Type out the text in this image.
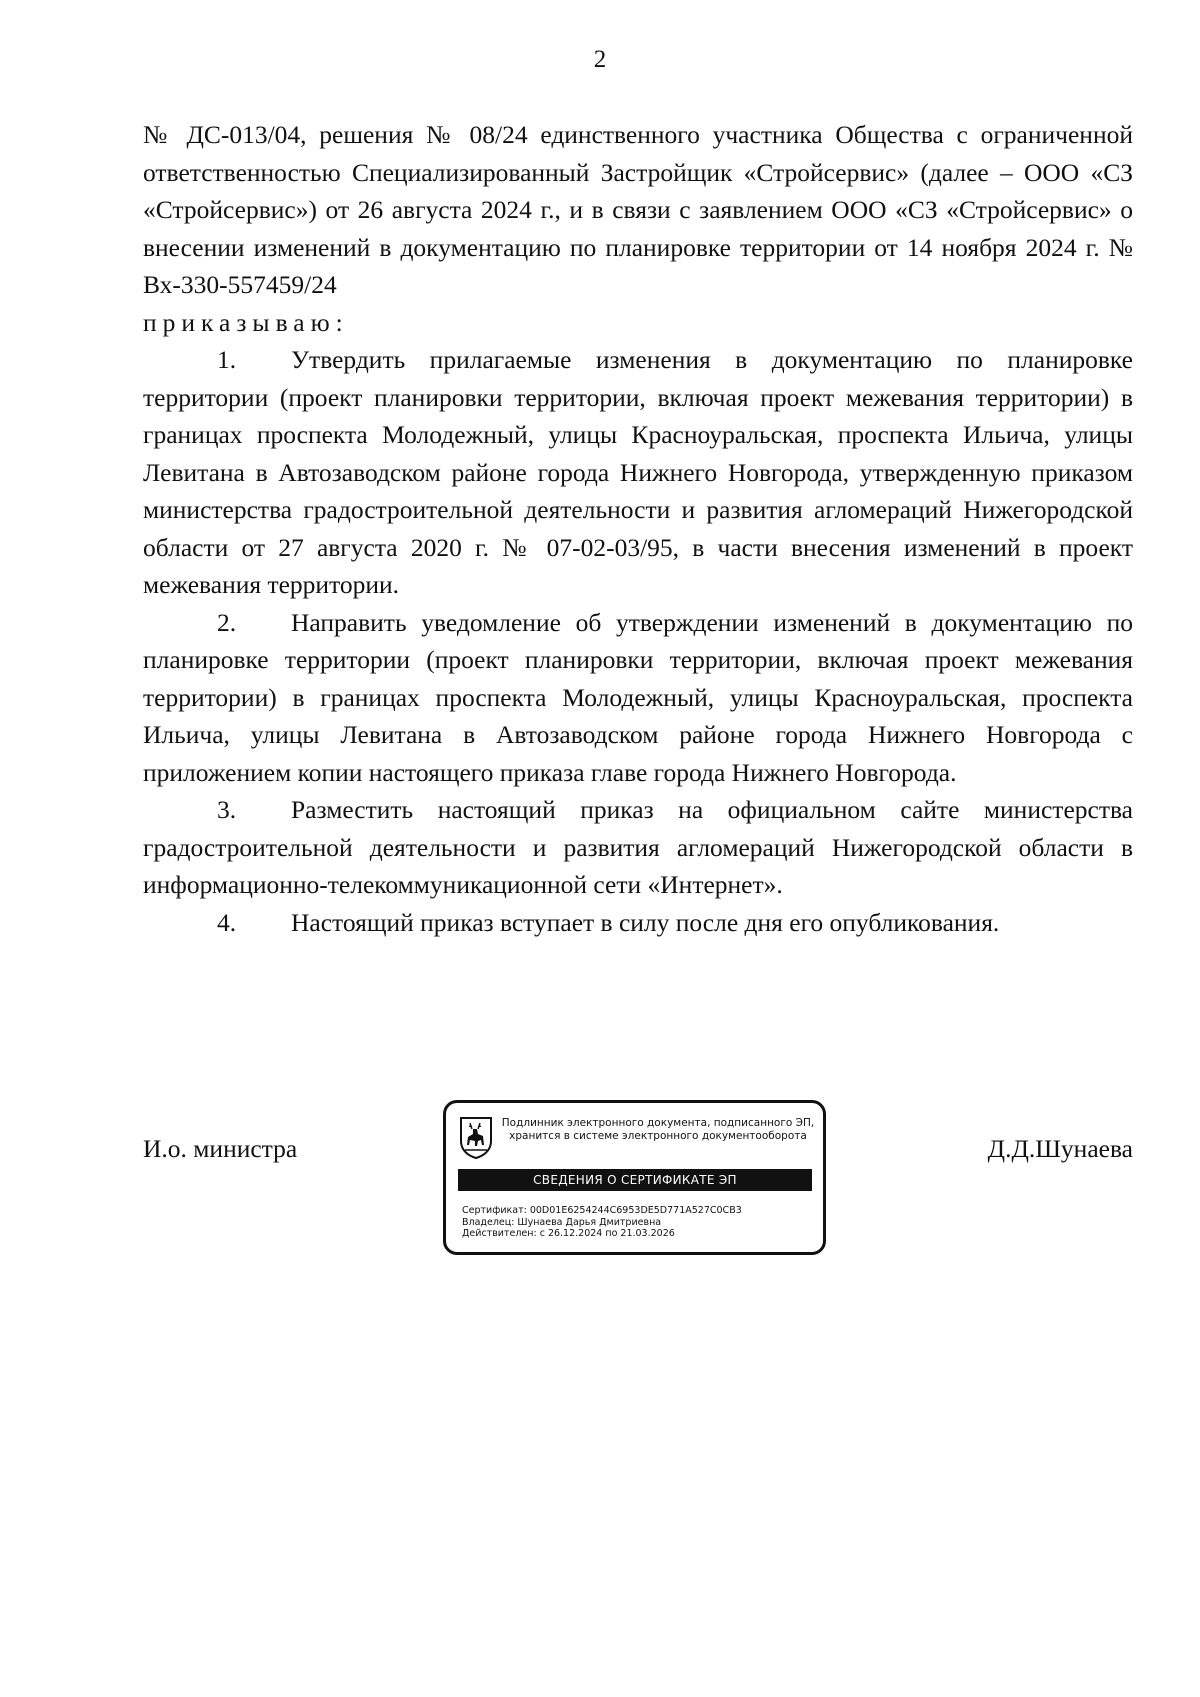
2

№ ДС-013/04, решения № 08/24 единственного участника Общества с ограниченной ответственностью Специализированный Застройщик «Стройсервис» (далее – ООО «СЗ «Стройсервис») от 26 августа 2024 г., и в связи с заявлением ООО «СЗ «Стройсервис» о внесении изменений в документацию по планировке территории от 14 ноября 2024 г. № Вх-330-557459/24

приказываю:

1. Утвердить прилагаемые изменения в документацию по планировке территории (проект планировки территории, включая проект межевания территории) в границах проспекта Молодежный, улицы Красноуральская, проспекта Ильича, улицы Левитана в Автозаводском районе города Нижнего Новгорода, утвержденную приказом министерства градостроительной деятельности и развития агломераций Нижегородской области от 27 августа 2020 г. № 07-02-03/95, в части внесения изменений в проект межевания территории.

2. Направить уведомление об утверждении изменений в документацию по планировке территории (проект планировки территории, включая проект межевания территории) в границах проспекта Молодежный, улицы Красноуральская, проспекта Ильича, улицы Левитана в Автозаводском районе города Нижнего Новгорода с приложением копии настоящего приказа главе города Нижнего Новгорода.

3. Разместить настоящий приказ на официальном сайте министерства градостроительной деятельности и развития агломераций Нижегородской области в информационно-телекоммуникационной сети «Интернет».

4. Настоящий приказ вступает в силу после дня его опубликования.

И.о. министра
Подлинник электронного документа, подписанного ЭП,
хранится в системе электронного документооборота
СВЕДЕНИЯ О СЕРТИФИКАТЕ ЭП
Сертификат: 00D01E6254244C6953DE5D771A527C0CB3
Владелец: Шунаева Дарья Дмитриевна
Действителен: с 26.12.2024 по 21.03.2026
Д.Д.Шунаева
